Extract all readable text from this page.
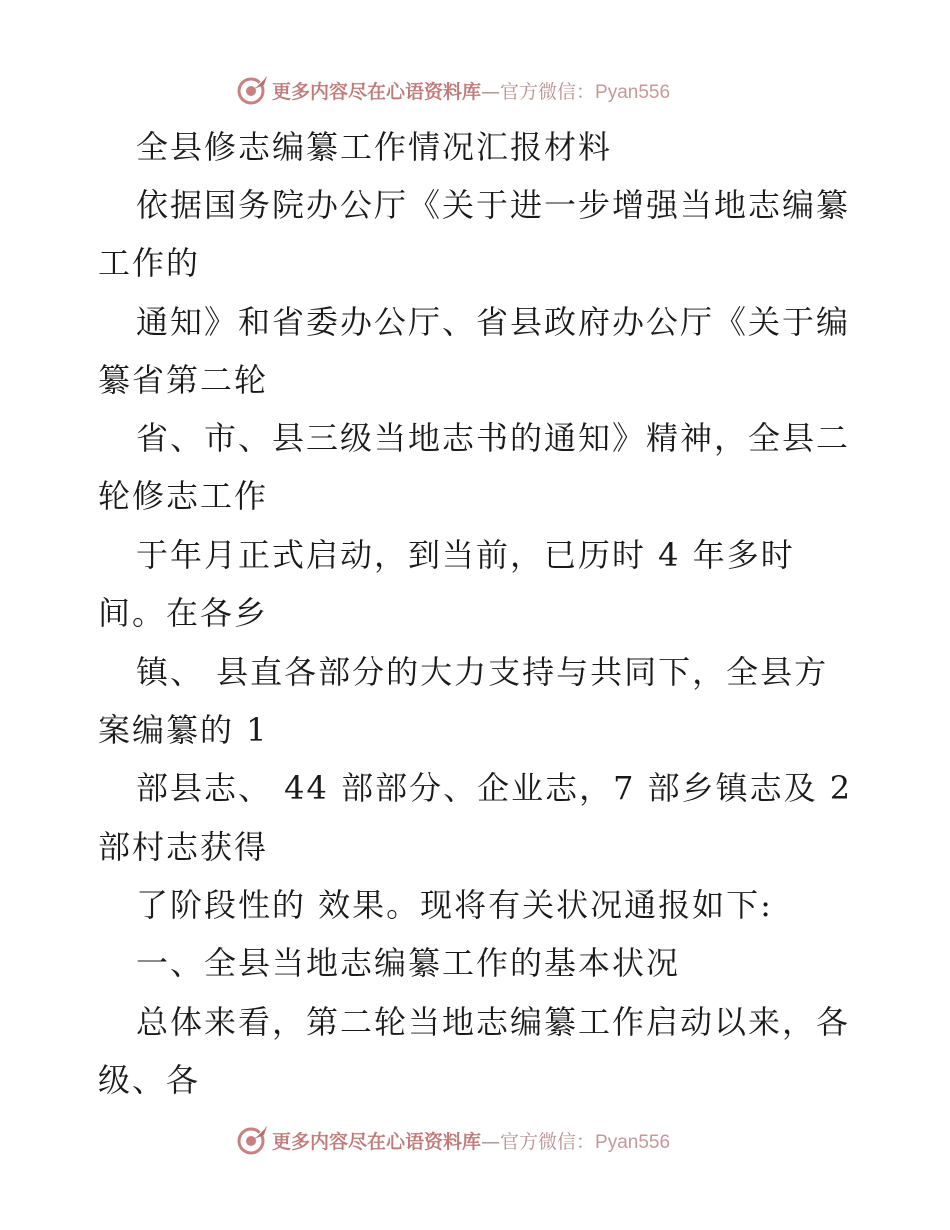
更多内容尽在心语资料库—官方微信：Pyan556
全县修志编纂工作情况汇报材料
依据国务院办公厅《关于进一步增强当地志编纂
工作的
通知》和省委办公厅、省县政府办公厅《关于编
纂省第二轮
省、市、县三级当地志书的通知》精神，全县二
轮修志工作
于年月正式启动，到当前，已历时 4 年多时
间。在各乡
镇、 县直各部分的大力支持与共同下，全县方
案编纂的 1
部县志、 44 部部分、企业志，7 部乡镇志及 2
部村志获得
了阶段性的 效果。现将有关状况通报如下:
一、全县当地志编纂工作的基本状况
总体来看，第二轮当地志编纂工作启动以来，各
级、各
更多内容尽在心语资料库—官方微信：Pyan556
